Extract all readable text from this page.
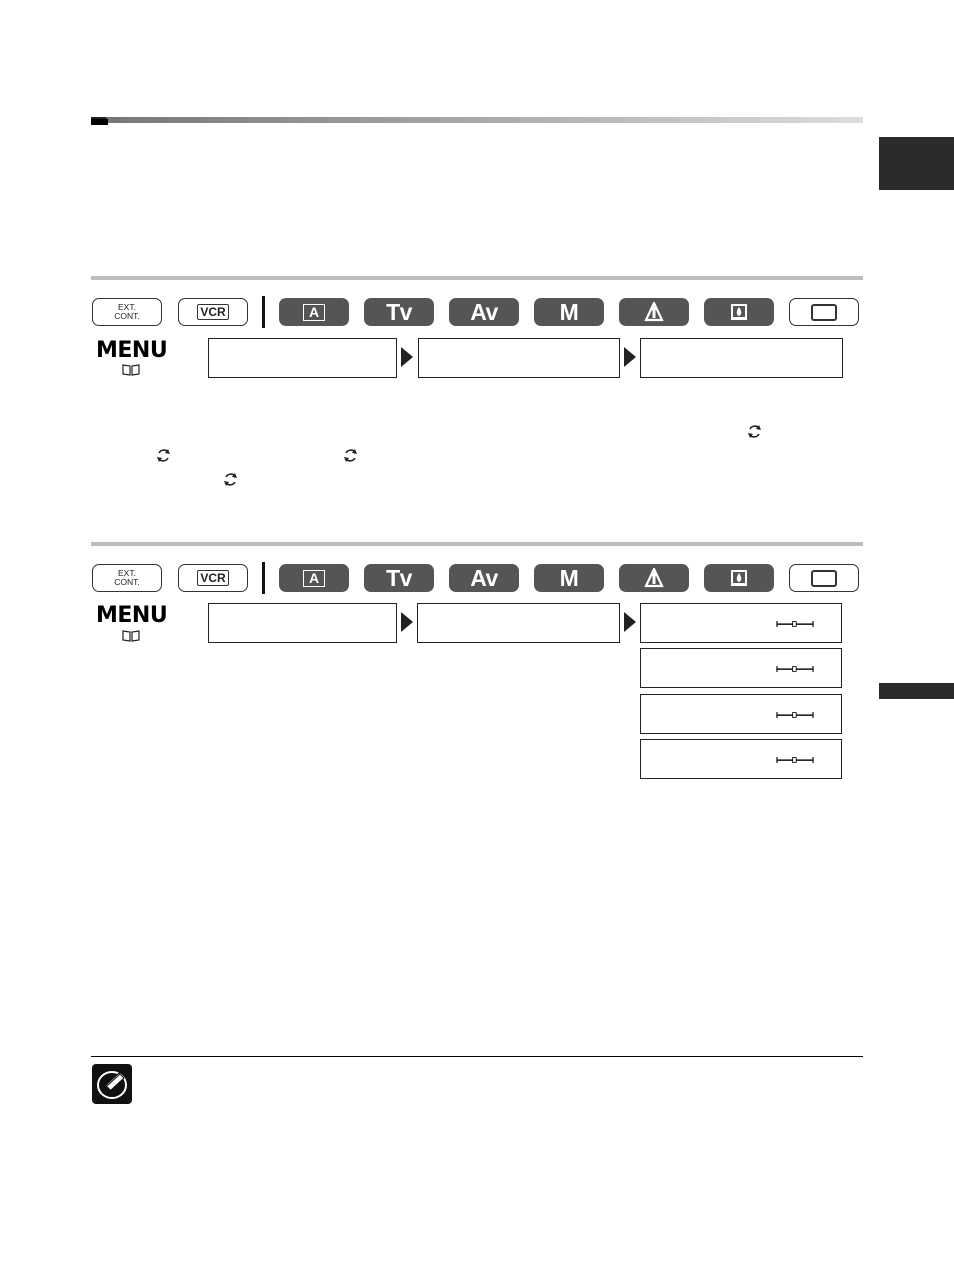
EXT.
CONT.	VCR	A	Tv	Av	M
MENU
EXT.
CONT.	VCR	A	Tv	Av	M
MENU
